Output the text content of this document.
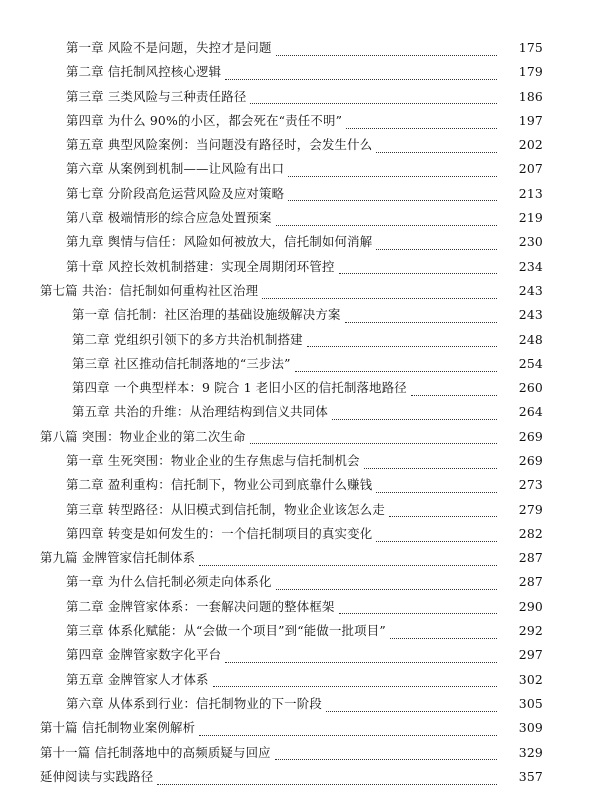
第一章 风险不是问题，失控才是问题	175
第二章 信托制风控核心逻辑	179
第三章 三类风险与三种责任路径	186
第四章 为什么 90%的小区，都会死在“责任不明”	197
第五章 典型风险案例：当问题没有路径时，会发生什么	202
第六章 从案例到机制——让风险有出口	207
第七章 分阶段高危运营风险及应对策略	213
第八章 极端情形的综合应急处置预案	219
第九章 舆情与信任：风险如何被放大，信托制如何消解	230
第十章 风控长效机制搭建：实现全周期闭环管控	234
第七篇 共治：信托制如何重构社区治理	243
第一章 信托制：社区治理的基础设施级解决方案	243
第二章 党组织引领下的多方共治机制搭建	248
第三章 社区推动信托制落地的“三步法”	254
第四章 一个典型样本：9 院合 1 老旧小区的信托制落地路径	260
第五章 共治的升维：从治理结构到信义共同体	264
第八篇 突围：物业企业的第二次生命	269
第一章 生死突围：物业企业的生存焦虑与信托制机会	269
第二章 盈利重构：信托制下，物业公司到底靠什么赚钱	273
第三章 转型路径：从旧模式到信托制，物业企业该怎么走	279
第四章 转变是如何发生的：一个信托制项目的真实变化	282
第九篇 金牌管家信托制体系	287
第一章 为什么信托制必须走向体系化	287
第二章 金牌管家体系：一套解决问题的整体框架	290
第三章 体系化赋能：从“会做一个项目”到“能做一批项目”	292
第四章 金牌管家数字化平台	297
第五章 金牌管家人才体系	302
第六章 从体系到行业：信托制物业的下一阶段	305
第十篇 信托制物业案例解析	309
第十一篇 信托制落地中的高频质疑与回应	329
延伸阅读与实践路径	357
